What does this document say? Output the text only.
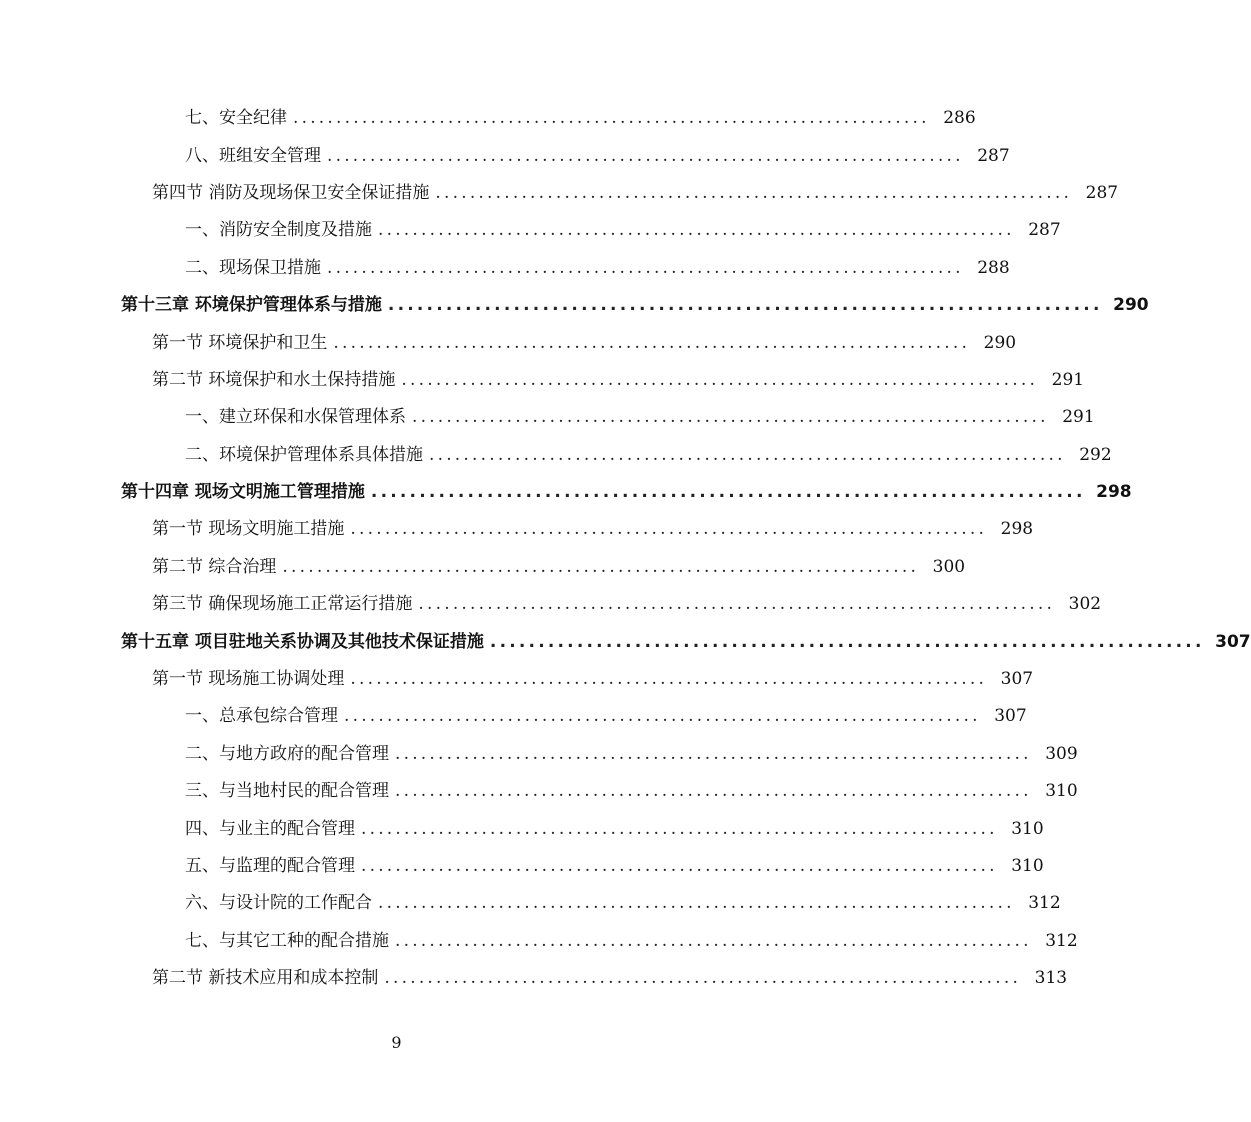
七、安全纪律 .......................................................................... 286
八、班组安全管理 .......................................................................... 287
第四节 消防及现场保卫安全保证措施 .......................................................................... 287
一、消防安全制度及措施 .......................................................................... 287
二、现场保卫措施 .......................................................................... 288
第十三章 环境保护管理体系与措施 .......................................................................... 290
第一节 环境保护和卫生 .......................................................................... 290
第二节 环境保护和水土保持措施 .......................................................................... 291
一、建立环保和水保管理体系 .......................................................................... 291
二、环境保护管理体系具体措施 .......................................................................... 292
第十四章 现场文明施工管理措施 .......................................................................... 298
第一节 现场文明施工措施 .......................................................................... 298
第二节 综合治理 .......................................................................... 300
第三节 确保现场施工正常运行措施 .......................................................................... 302
第十五章 项目驻地关系协调及其他技术保证措施 .......................................................................... 307
第一节 现场施工协调处理 .......................................................................... 307
一、总承包综合管理 .......................................................................... 307
二、与地方政府的配合管理 .......................................................................... 309
三、与当地村民的配合管理 .......................................................................... 310
四、与业主的配合管理 .......................................................................... 310
五、与监理的配合管理 .......................................................................... 310
六、与设计院的工作配合 .......................................................................... 312
七、与其它工种的配合措施 .......................................................................... 312
第二节 新技术应用和成本控制 .......................................................................... 313
9
